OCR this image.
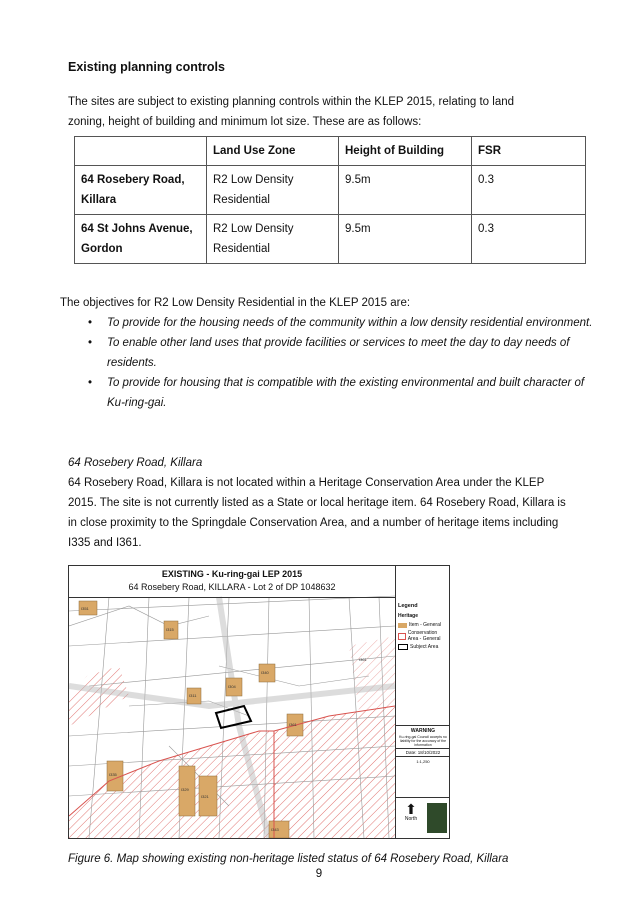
Existing planning controls
The sites are subject to existing planning controls within the KLEP 2015, relating to land zoning, height of building and minimum lot size. These are as follows:
	Land Use Zone	Height of Building	FSR
64 Rosebery Road, Killara	R2 Low Density Residential	9.5m	0.3
64 St Johns Avenue, Gordon	R2 Low Density Residential	9.5m	0.3
The objectives for R2 Low Density Residential in the KLEP 2015 are:
• To provide for the housing needs of the community within a low density residential environment.
• To enable other land uses that provide facilities or services to meet the day to day needs of residents.
• To provide for housing that is compatible with the existing environmental and built character of Ku-ring-gai.
64 Rosebery Road, Killara
64 Rosebery Road, Killara is not located within a Heritage Conservation Area under the KLEP 2015. The site is not currently listed as a State or local heritage item. 64 Rosebery Road, Killara is in close proximity to the Springdale Conservation Area, and a number of heritage items including I335 and I361.
I351
I315
I311
I304
I340
I361
I335
I329
I321
I343
I361
EXISTING - Ku-ring-gai LEP 2015
64 Rosebery Road, KILLARA - Lot 2 of DP 1048632
Legend
Heritage
Item - General
Conservation Area - General
Subject Area
WARNING
Ku-ring-gai Council accepts no liability for the accuracy of the information
Date: 18/10/2022
1:1,250
⬆
North
Figure 6. Map showing existing non-heritage listed status of 64 Rosebery Road, Killara
9
